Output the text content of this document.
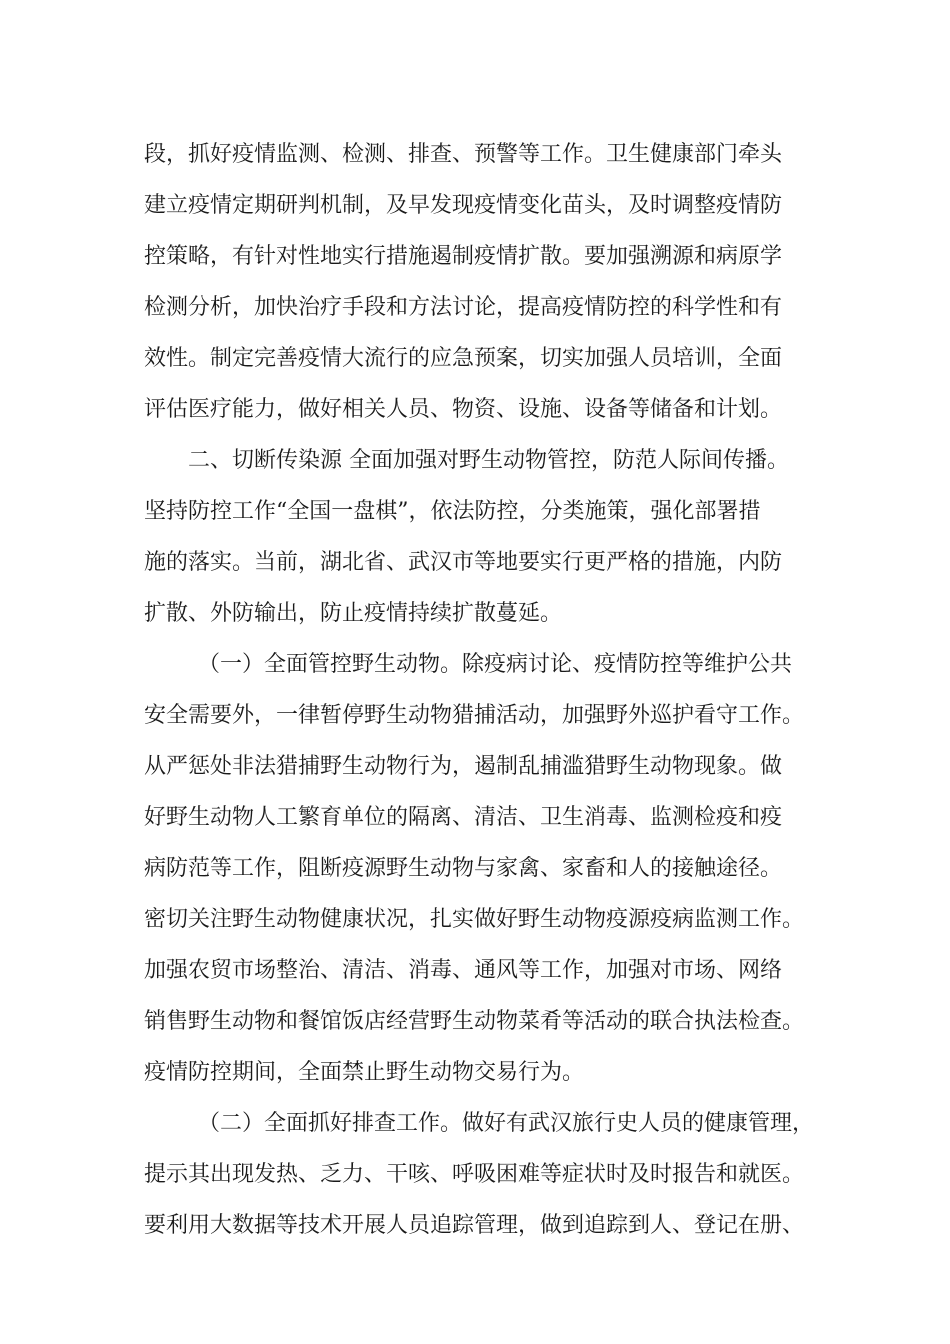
段，抓好疫情监测、检测、排查、预警等工作。卫生健康部门牵头
建立疫情定期研判机制，及早发现疫情变化苗头，及时调整疫情防
控策略，有针对性地实行措施遏制疫情扩散。要加强溯源和病原学
检测分析，加快治疗手段和方法讨论，提高疫情防控的科学性和有
效性。制定完善疫情大流行的应急预案，切实加强人员培训，全面
评估医疗能力，做好相关人员、物资、设施、设备等储备和计划。
二、切断传染源 全面加强对野生动物管控，防范人际间传播。
坚持防控工作“全国一盘棋”，依法防控，分类施策，强化部署措
施的落实。当前，湖北省、武汉市等地要实行更严格的措施，内防
扩散、外防输出，防止疫情持续扩散蔓延。
（一）全面管控野生动物。除疫病讨论、疫情防控等维护公共
安全需要外，一律暂停野生动物猎捕活动，加强野外巡护看守工作。
从严惩处非法猎捕野生动物行为，遏制乱捕滥猎野生动物现象。做
好野生动物人工繁育单位的隔离、清洁、卫生消毒、监测检疫和疫
病防范等工作，阻断疫源野生动物与家禽、家畜和人的接触途径。
密切关注野生动物健康状况，扎实做好野生动物疫源疫病监测工作。
加强农贸市场整治、清洁、消毒、通风等工作，加强对市场、网络
销售野生动物和餐馆饭店经营野生动物菜肴等活动的联合执法检查。
疫情防控期间，全面禁止野生动物交易行为。
（二）全面抓好排查工作。做好有武汉旅行史人员的健康管理，
提示其出现发热、乏力、干咳、呼吸困难等症状时及时报告和就医。
要利用大数据等技术开展人员追踪管理，做到追踪到人、登记在册、
